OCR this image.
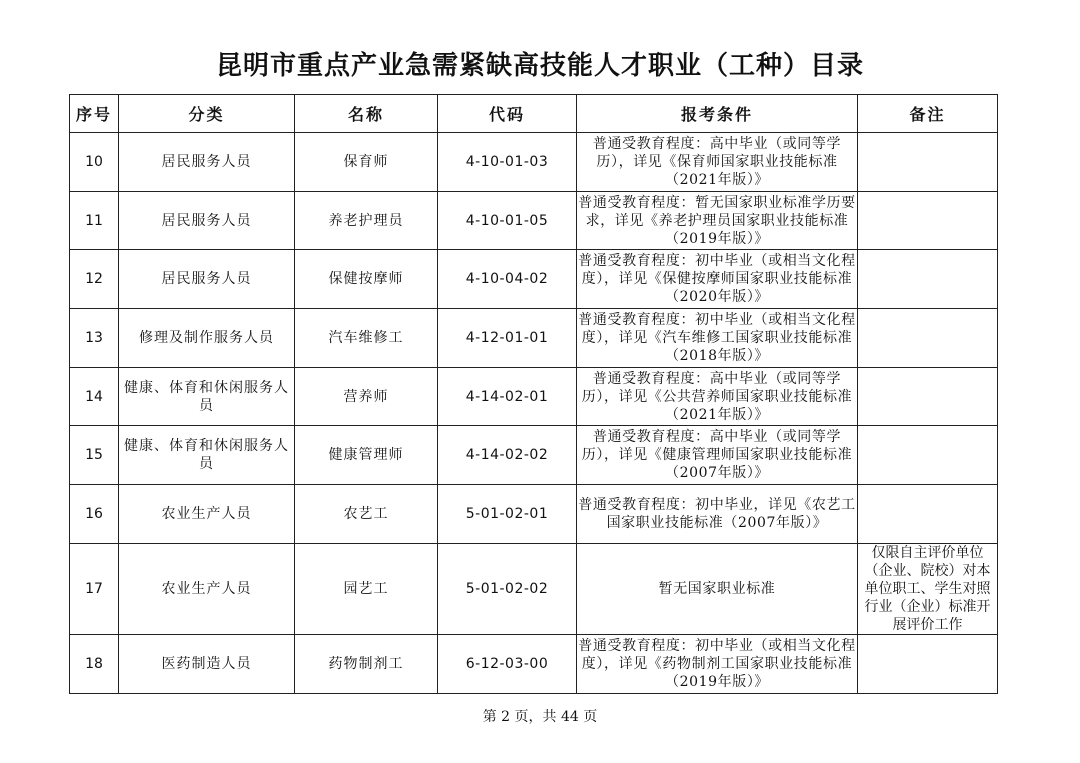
昆明市重点产业急需紧缺高技能人才职业（工种）目录
序号	分类	名称	代码	报考条件	备注
10	居民服务人员	保育师	4-10-01-03	普通受教育程度：高中毕业（或同等学历），详见《保育师国家职业技能标准（2021年版）》	
11	居民服务人员	养老护理员	4-10-01-05	普通受教育程度：暂无国家职业标准学历要求，详见《养老护理员国家职业技能标准（2019年版）》	
12	居民服务人员	保健按摩师	4-10-04-02	普通受教育程度：初中毕业（或相当文化程度），详见《保健按摩师国家职业技能标准（2020年版）》	
13	修理及制作服务人员	汽车维修工	4-12-01-01	普通受教育程度：初中毕业（或相当文化程度），详见《汽车维修工国家职业技能标准（2018年版）》	
14	健康、体育和休闲服务人员	营养师	4-14-02-01	普通受教育程度：高中毕业（或同等学历），详见《公共营养师国家职业技能标准（2021年版）》	
15	健康、体育和休闲服务人员	健康管理师	4-14-02-02	普通受教育程度：高中毕业（或同等学历），详见《健康管理师国家职业技能标准（2007年版）》	
16	农业生产人员	农艺工	5-01-02-01	普通受教育程度：初中毕业，详见《农艺工国家职业技能标准（2007年版）》	
17	农业生产人员	园艺工	5-01-02-02	暂无国家职业标准	仅限自主评价单位（企业、院校）对本单位职工、学生对照行业（企业）标准开展评价工作
18	医药制造人员	药物制剂工	6-12-03-00	普通受教育程度：初中毕业（或相当文化程度），详见《药物制剂工国家职业技能标准（2019年版）》	
第 2 页，共 44 页
